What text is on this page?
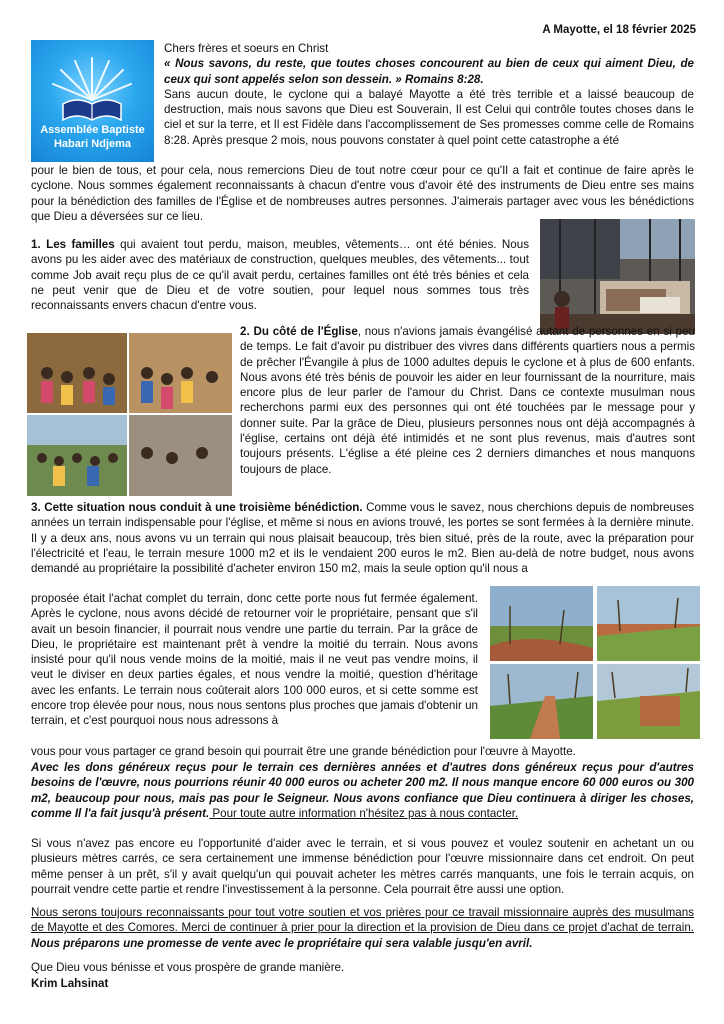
A Mayotte, el 18 février 2025
Assemblée Baptiste
Habari Ndjema

Chers frères et soeurs en Christ

« Nous savons, du reste, que toutes choses concourent au bien de ceux qui aiment Dieu, de ceux qui sont appelés selon son dessein. » Romains 8:28.

Sans aucun doute, le cyclone qui a balayé Mayotte a été très terrible et a laissé beaucoup de destruction, mais nous savons que Dieu est Souverain, Il est Celui qui contrôle toutes choses dans le ciel et sur la terre, et Il est Fidèle dans l'accomplissement de Ses promesses comme celle de Romains 8:28. Après presque 2 mois, nous pouvons constater à quel point cette catastrophe a été

pour le bien de tous, et pour cela, nous remercions Dieu de tout notre cœur pour ce qu'Il a fait et continue de faire après le cyclone. Nous sommes également reconnaissants à chacun d'entre vous d'avoir été des instruments de Dieu entre ses mains pour la bénédiction des familles de l'Église et de nombreuses autres personnes. J'aimerais partager avec vous les bénédictions que Dieu a déversées sur ce lieu.

1. Les familles qui avaient tout perdu, maison, meubles, vêtements… ont été bénies. Nous avons pu les aider avec des matériaux de construction, quelques meubles, des vêtements... tout comme Job avait reçu plus de ce qu'il avait perdu, certaines familles ont été très bénies et cela ne peut venir que de Dieu et de votre soutien, pour lequel nous sommes tous très reconnaissants envers chacun d'entre vous.

2. Du côté de l'Église, nous n'avions jamais évangélisé autant de personnes en si peu de temps. Le fait d'avoir pu distribuer des vivres dans différents quartiers nous a permis de prêcher l'Évangile à plus de 1000 adultes depuis le cyclone et à plus de 600 enfants. Nous avons été très bénis de pouvoir les aider en leur fournissant de la nourriture, mais encore plus de leur parler de l'amour du Christ. Dans ce contexte musulman nous recherchons parmi eux des personnes qui ont été touchées par le message pour y donner suite. Par la grâce de Dieu, plusieurs personnes nous ont déjà accompagnés à l'église, certains ont déjà été intimidés et ne sont plus revenus, mais d'autres sont toujours présents. L'église a été pleine ces 2 derniers dimanches et nous manquons toujours de place.

3. Cette situation nous conduit à une troisième bénédiction. Comme vous le savez, nous cherchions depuis de nombreuses années un terrain indispensable pour l'église, et même si nous en avions trouvé, les portes se sont fermées à la dernière minute. Il y a deux ans, nous avons vu un terrain qui nous plaisait beaucoup, très bien situé, près de la route, avec la préparation pour l'électricité et l'eau, le terrain mesure 1000 m2 et ils le vendaient 200 euros le m2. Bien au-delà de notre budget, nous avons demandé au propriétaire la possibilité d'acheter environ 150 m2, mais la seule option qu'il nous a

proposée était l'achat complet du terrain, donc cette porte nous fut fermée également. Après le cyclone, nous avons décidé de retourner voir le propriétaire, pensant que s'il avait un besoin financier, il pourrait nous vendre une partie du terrain. Par la grâce de Dieu, le propriétaire est maintenant prêt à vendre la moitié du terrain. Nous avons insisté pour qu'il nous vende moins de la moitié, mais il ne veut pas vendre moins, il veut le diviser en deux parties égales, et nous vendre la moitié, question d'héritage avec les enfants. Le terrain nous coûterait alors 100 000 euros, et si cette somme est encore trop élevée pour nous, nous nous sentons plus proches que jamais d'obtenir un terrain, et c'est pourquoi nous nous adressons à

vous pour vous partager ce grand besoin qui pourrait être une grande bénédiction pour l'œuvre à Mayotte.

Avec les dons généreux reçus pour le terrain ces dernières années et d'autres dons généreux reçus pour d'autres besoins de l'œuvre, nous pourrions réunir 40 000 euros ou acheter 200 m2. Il nous manque encore 60 000 euros ou 300 m2, beaucoup pour nous, mais pas pour le Seigneur. Nous avons confiance que Dieu continuera à diriger les choses, comme Il l'a fait jusqu'à présent. Pour toute autre information n'hésitez pas à nous contacter.

Si vous n'avez pas encore eu l'opportunité d'aider avec le terrain, et si vous pouvez et voulez soutenir en achetant un ou plusieurs mètres carrés, ce sera certainement une immense bénédiction pour l'œuvre missionnaire dans cet endroit. On peut même penser à un prêt, s'il y avait quelqu'un qui pouvait acheter les mètres carrés manquants, une fois le terrain acquis, on pourrait vendre cette partie et rendre l'investissement à la personne. Cela pourrait être aussi une option.

Nous serons toujours reconnaissants pour tout votre soutien et vos prières pour ce travail missionnaire auprès des musulmans de Mayotte et des Comores. Merci de continuer à prier pour la direction et la provision de Dieu dans ce projet d'achat de terrain. Nous préparons une promesse de vente avec le propriétaire qui sera valable jusqu'en avril.

Que Dieu vous bénisse et vous prospère de grande manière.

Krim Lahsinat
